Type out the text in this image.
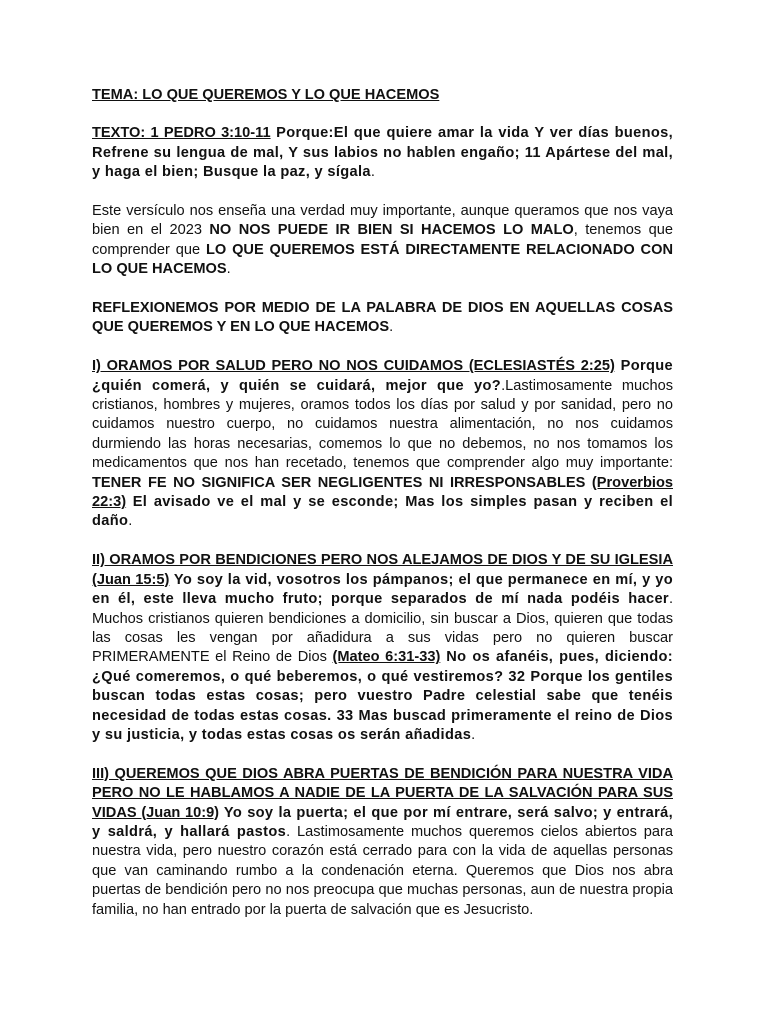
TEMA: LO QUE QUEREMOS Y LO QUE HACEMOS

TEXTO: 1 PEDRO 3:10-11 Porque:El que quiere amar la vida Y ver días buenos, Refrene su lengua de mal, Y sus labios no hablen engaño; 11 Apártese del mal, y haga el bien; Busque la paz, y sígala.

Este versículo nos enseña una verdad muy importante, aunque queramos que nos vaya bien en el 2023 NO NOS PUEDE IR BIEN SI HACEMOS LO MALO, tenemos que comprender que LO QUE QUEREMOS ESTÁ DIRECTAMENTE RELACIONADO CON LO QUE HACEMOS.

REFLEXIONEMOS POR MEDIO DE LA PALABRA DE DIOS EN AQUELLAS COSAS QUE QUEREMOS Y EN LO QUE HACEMOS.

I) ORAMOS POR SALUD PERO NO NOS CUIDAMOS (ECLESIASTÉS 2:25) Porque ¿quién comerá, y quién se cuidará, mejor que yo?.Lastimosamente muchos cristianos, hombres y mujeres, oramos todos los días por salud y por sanidad, pero no cuidamos nuestro cuerpo, no cuidamos nuestra alimentación, no nos cuidamos durmiendo las horas necesarias, comemos lo que no debemos, no nos tomamos los medicamentos que nos han recetado, tenemos que comprender algo muy importante: TENER FE NO SIGNIFICA SER NEGLIGENTES NI IRRESPONSABLES (Proverbios 22:3) El avisado ve el mal y se esconde; Mas los simples pasan y reciben el daño.

II) ORAMOS POR BENDICIONES PERO NOS ALEJAMOS DE DIOS Y DE SU IGLESIA (Juan 15:5) Yo soy la vid, vosotros los pámpanos; el que permanece en mí, y yo en él, este lleva mucho fruto; porque separados de mí nada podéis hacer. Muchos cristianos quieren bendiciones a domicilio, sin buscar a Dios, quieren que todas las cosas les vengan por añadidura a sus vidas pero no quieren buscar PRIMERAMENTE el Reino de Dios (Mateo 6:31-33) No os afanéis, pues, diciendo: ¿Qué comeremos, o qué beberemos, o qué vestiremos? 32 Porque los gentiles buscan todas estas cosas; pero vuestro Padre celestial sabe que tenéis necesidad de todas estas cosas. 33 Mas buscad primeramente el reino de Dios y su justicia, y todas estas cosas os serán añadidas.

III) QUEREMOS QUE DIOS ABRA PUERTAS DE BENDICIÓN PARA NUESTRA VIDA PERO NO LE HABLAMOS A NADIE DE LA PUERTA DE LA SALVACIÓN PARA SUS VIDAS (Juan 10:9) Yo soy la puerta; el que por mí entrare, será salvo; y entrará, y saldrá, y hallará pastos. Lastimosamente muchos queremos cielos abiertos para nuestra vida, pero nuestro corazón está cerrado para con la vida de aquellas personas que van caminando rumbo a la condenación eterna. Queremos que Dios nos abra puertas de bendición pero no nos preocupa que muchas personas, aun de nuestra propia familia, no han entrado por la puerta de salvación que es Jesucristo.
